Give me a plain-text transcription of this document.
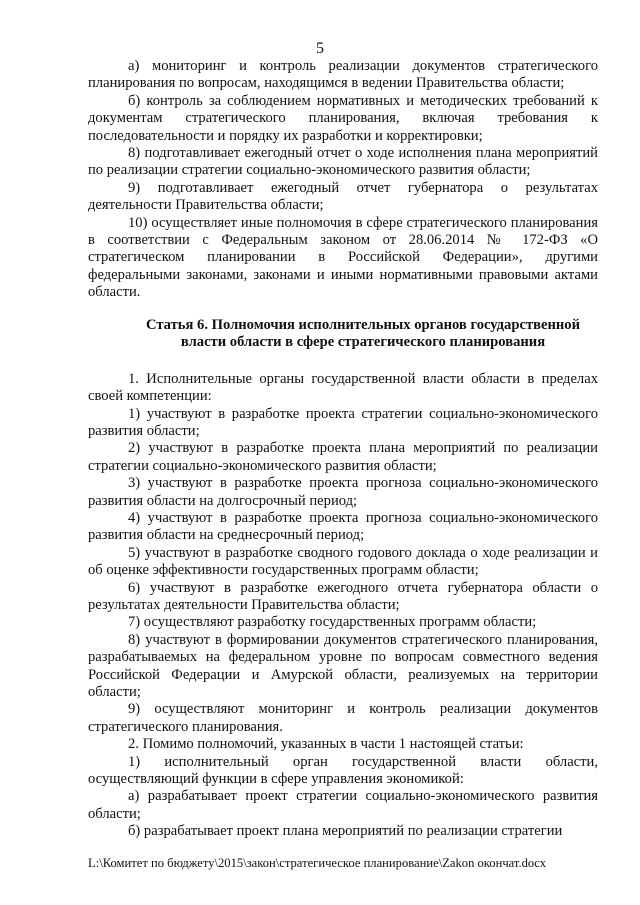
5

а) мониторинг и контроль реализации документов стратегического планирования по вопросам, находящимся в ведении Правительства области;

б) контроль за соблюдением нормативных и методических требований к документам стратегического планирования, включая требования к последовательности и порядку их разработки и корректировки;

8) подготавливает ежегодный отчет о ходе исполнения плана мероприятий по реализации стратегии социально-экономического развития области;

9) подготавливает ежегодный отчет губернатора о результатах деятельности Правительства области;

10) осуществляет иные полномочия в сфере стратегического планирования в соответствии с Федеральным законом от 28.06.2014 № 172-ФЗ «О стратегическом планировании в Российской Федерации», другими федеральными законами, законами и иными нормативными правовыми актами области.

Статья 6. Полномочия исполнительных органов государственной
власти области в сфере стратегического планирования

1. Исполнительные органы государственной власти области в пределах своей компетенции:

1) участвуют в разработке проекта стратегии социально-экономического развития области;

2) участвуют в разработке проекта плана мероприятий по реализации стратегии социально-экономического развития области;

3) участвуют в разработке проекта прогноза социально-экономического развития области на долгосрочный период;

4) участвуют в разработке проекта прогноза социально-экономического развития области на среднесрочный период;

5) участвуют в разработке сводного годового доклада о ходе реализации и об оценке эффективности государственных программ области;

6) участвуют в разработке ежегодного отчета губернатора области о результатах деятельности Правительства области;

7) осуществляют разработку государственных программ области;

8) участвуют в формировании документов стратегического планирования, разрабатываемых на федеральном уровне по вопросам совместного ведения Российской Федерации и Амурской области, реализуемых на территории области;

9) осуществляют мониторинг и контроль реализации документов стратегического планирования.

2. Помимо полномочий, указанных в части 1 настоящей статьи:

1) исполнительный орган государственной власти области, осуществляющий функции в сфере управления экономикой:

а) разрабатывает проект стратегии социально-экономического развития области;

б) разрабатывает проект плана мероприятий по реализации стратегии

L:\Комитет по бюджету\2015\закон\стратегическое планирование\Zakon окончат.docx
